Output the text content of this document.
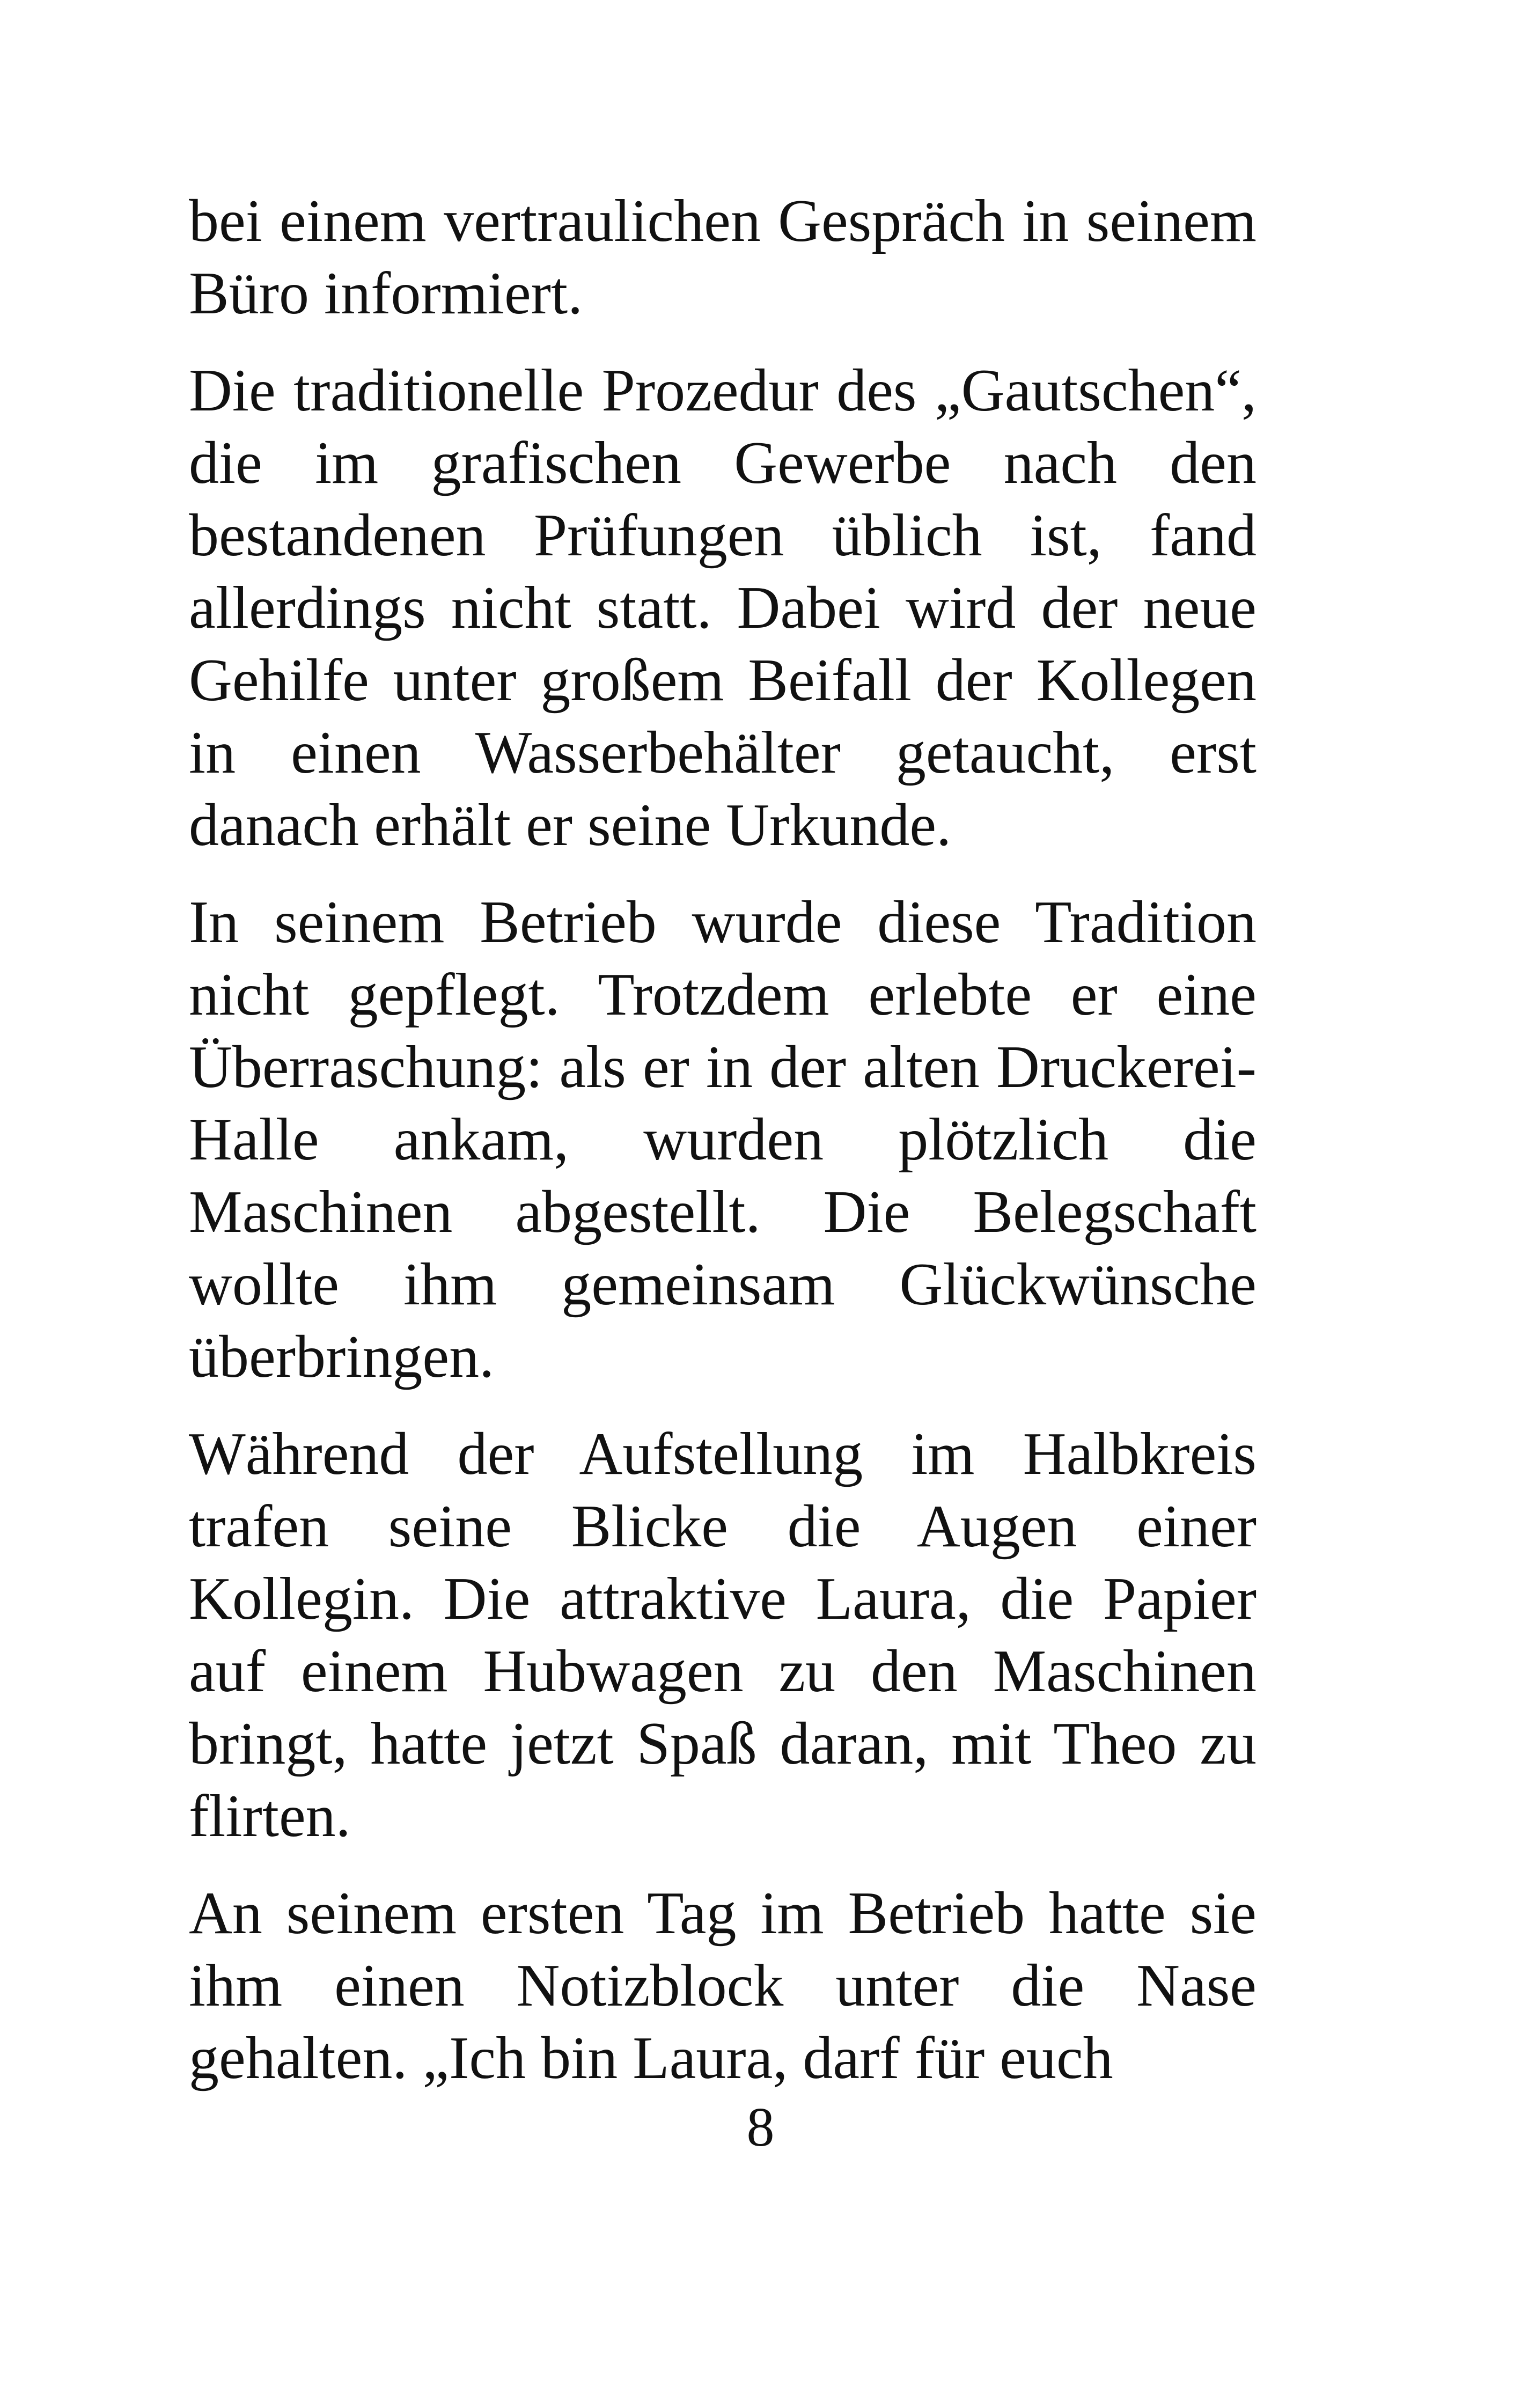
bei einem vertraulichen Gespräch in seinem Büro informiert.

Die traditionelle Prozedur des „Gautschen“, die im grafischen Gewerbe nach den bestandenen Prüfungen üblich ist, fand allerdings nicht statt. Dabei wird der neue Gehilfe unter großem Beifall der Kollegen in einen Wasserbehälter getaucht, erst danach erhält er seine Urkunde.

In seinem Betrieb wurde diese Tradition nicht gepflegt. Trotzdem erlebte er eine Überraschung: als er in der alten Druckerei-Halle ankam, wurden plötzlich die Maschinen abgestellt. Die Belegschaft wollte ihm gemeinsam Glückwünsche überbringen.

Während der Aufstellung im Halbkreis trafen seine Blicke die Augen einer Kollegin. Die attraktive Laura, die Papier auf einem Hubwagen zu den Maschinen bringt, hatte jetzt Spaß daran, mit Theo zu flirten.

An seinem ersten Tag im Betrieb hatte sie ihm einen Notizblock unter die Nase gehalten. „Ich bin Laura, darf für euch

8
